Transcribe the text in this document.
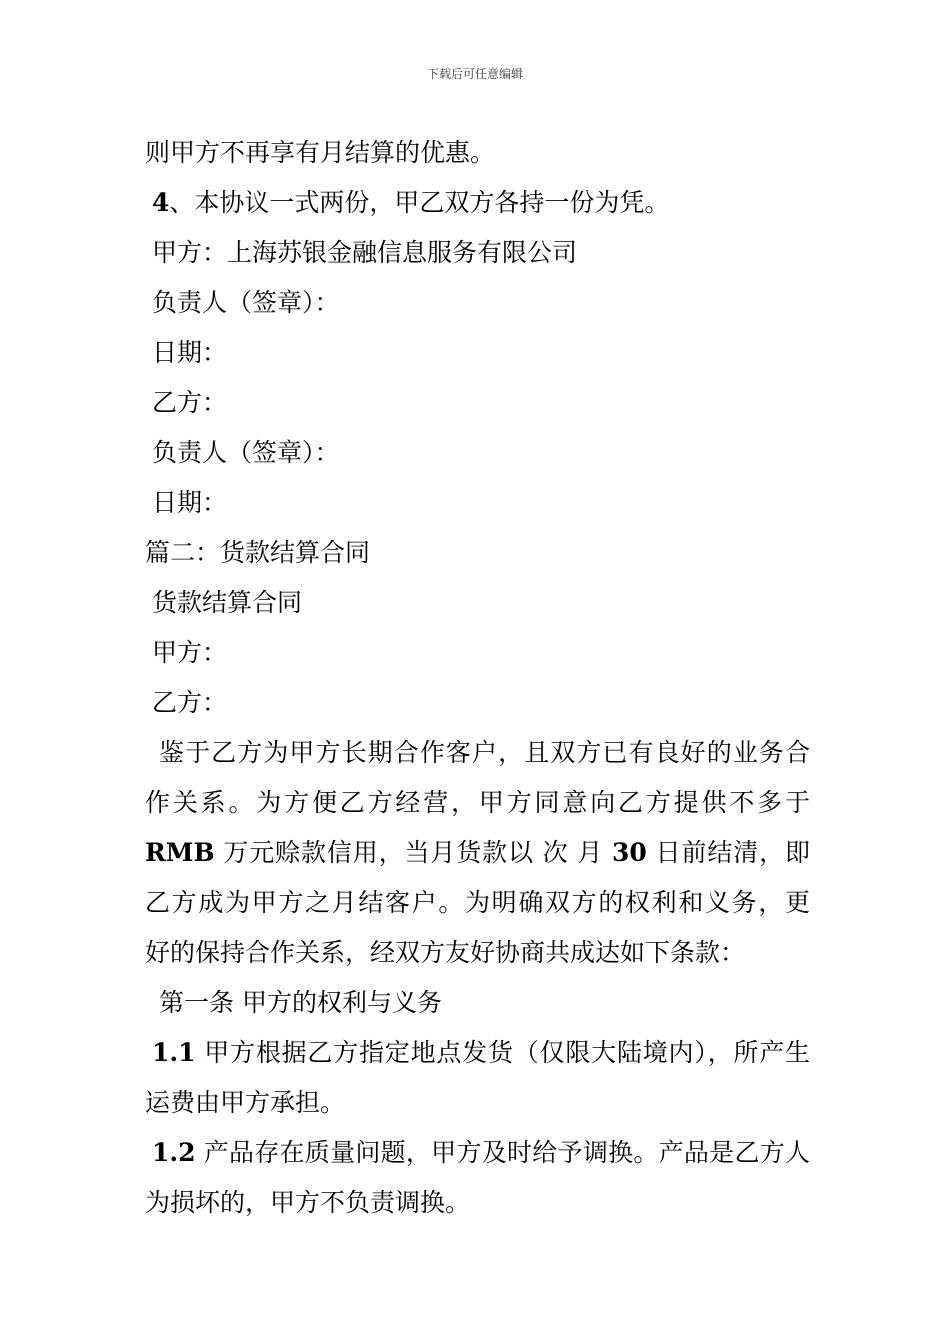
下载后可任意编辑
则甲方不再享有月结算的优惠。
4、本协议一式两份，甲乙双方各持一份为凭。
甲方：上海苏银金融信息服务有限公司
负责人（签章）：
日期：
乙方：
负责人（签章）：
日期：
篇二：货款结算合同
货款结算合同
甲方：
乙方：
鉴于乙方为甲方长期合作客户，且双方已有良好的业务合
作关系。为方便乙方经营，甲方同意向乙方提供不多于
RMB 万元赊款信用，当月货款以 次 月 30 日前结清，即
乙方成为甲方之月结客户。为明确双方的权利和义务，更
好的保持合作关系，经双方友好协商共成达如下条款：
第一条 甲方的权利与义务
1.1 甲方根据乙方指定地点发货（仅限大陆境内），所产生
运费由甲方承担。
1.2 产品存在质量问题，甲方及时给予调换。产品是乙方人
为损坏的，甲方不负责调换。
